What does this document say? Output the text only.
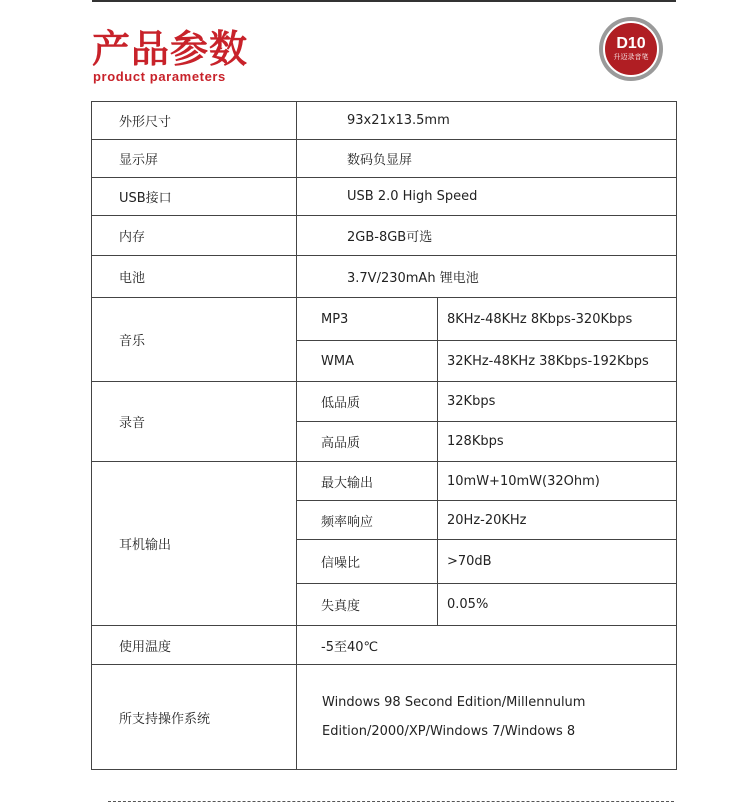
产品参数
product parameters
D10
升迈录音笔
外形尺寸	93x21x13.5mm	
显示屏	数码负显屏	
USB接口	USB 2.0 High Speed	
内存	2GB-8GB可选	
电池	3.7V/230mAh 锂电池	
音乐	MP3	8KHz-48KHz 8Kbps-320Kbps
	WMA	32KHz-48KHz 38Kbps-192Kbps
录音	低品质	32Kbps
	高品质	128Kbps
耳机输出	最大输出	10mW+10mW(32Ohm)
	频率响应	20Hz-20KHz
	信噪比	>70dB
	失真度	0.05%
使用温度	-5至40℃	
所支持操作系统	Windows 98 Second Edition/Millennulum
Edition/2000/XP/Windows 7/Windows 8	
